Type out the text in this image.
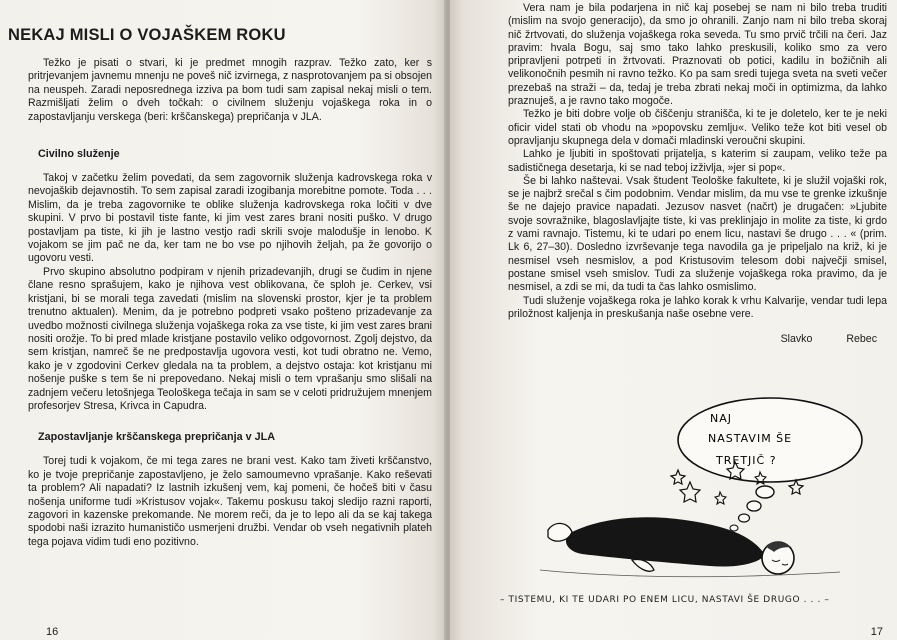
NEKAJ MISLI O VOJAŠKEM ROKU

Težko je pisati o stvari, ki je predmet mnogih razprav. Težko zato, ker s pritrjevanjem javnemu mnenju ne poveš nič izvirnega, z nasprotovanjem pa si obsojen na neuspeh. Zaradi neposrednega izziva pa bom tudi sam zapisal nekaj misli o tem. Razmišljati želim o dveh točkah: o civilnem služenju vojaškega roka in o zapostavljanju verskega (beri: krščanskega) prepričanja v JLA.

Civilno služenje

Takoj v začetku želim povedati, da sem zagovornik služenja kadrovskega roka v nevojaškib dejavnostih. To sem zapisal zaradi izogibanja morebitne pomote. Toda . . . Mislim, da je treba zagovornike te oblike služenja kadrovskega roka ločiti v dve skupini. V prvo bi postavil tiste fante, ki jim vest zares brani nositi puško. V drugo postavljam pa tiste, ki jih je lastno vestjo radi skrili svoje malodušje in lenobo. K vojakom se jim pač ne da, ker tam ne bo vse po njihovih željah, pa že govorijo o ugovoru vesti.

Prvo skupino absolutno podpiram v njenih prizadevanjih, drugi se čudim in njene člane resno sprašujem, kako je njihova vest oblikovana, če sploh je. Cerkev, vsi kristjani, bi se morali tega zavedati (mislim na slovenski prostor, kjer je ta problem trenutno aktualen). Menim, da je potrebno podpreti vsako pošteno prizadevanje za uvedbo možnosti civilnega služenja vojaškega roka za vse tiste, ki jim vest zares brani nositi orožje. To bi pred mlade kristjane postavilo veliko odgovornost. Zgolj dejstvo, da sem kristjan, namreč še ne predpostavlja ugovora vesti, kot tudi obratno ne. Vemo, kako je v zgodovini Cerkev gledala na ta problem, a dejstvo ostaja: kot kristjanu mi nošenje puške s tem še ni prepovedano. Nekaj misli o tem vprašanju smo slišali na zadnjem večeru letošnjega Teološkega tečaja in sam se v celoti pridružujem mnenjem profesorjev Stresa, Krivca in Capudra.

Zapostavljanje krščanskega prepričanja v JLA

Torej tudi k vojakom, če mi tega zares ne brani vest. Kako tam živeti krščanstvo, ko je tvoje prepričanje zapostavljeno, je želo samoumevno vprašanje. Kako reševati ta problem? Ali napadati? Iz lastnih izkušenj vem, kaj pomeni, če hočeš biti v času nošenja uniforme tudi »Kristusov vojak«. Takemu poskusu takoj sledijo razni raporti, zagovori in kazenske prekomande. Ne morem reči, da je to lepo ali da se kaj takega spodobi naši izrazito humanističo usmerjeni družbi. Vendar ob vseh negativnih plateh tega pojava vidim tudi eno pozitivno.

16

Vera nam je bila podarjena in nič kaj posebej se nam ni bilo treba truditi (mislim na svojo generacijo), da smo jo ohranili. Zanjo nam ni bilo treba skoraj nič žrtvovati, do služenja vojaškega roka seveda. Tu smo prvič trčili na čeri. Jaz pravim: hvala Bogu, saj smo tako lahko preskusili, koliko smo za vero pripravljeni potrpeti in žrtvovati. Praznovati ob potici, kadilu in božičnih ali velikonočnih pesmih ni ravno težko. Ko pa sam sredi tujega sveta na sveti večer prezebaš na straži – da, tedaj je treba zbrati nekaj moči in optimizma, da lahko praznuješ, a je ravno tako mogoče.

Težko je biti dobre volje ob čiščenju stranišča, ki te je doletelo, ker te je neki oficir videl stati ob vhodu na »popovsku zemlju«. Veliko teže kot biti vesel ob opravljanju skupnega dela v domači mladinski veroučni skupini.

Lahko je ljubiti in spoštovati prijatelja, s katerim si zaupam, veliko teže pa sadističnega desetarja, ki se nad teboj izživlja, »jer si pop«.

Še bi lahko naštevai. Vsak študent Teološke fakultete, ki je služil vojaški rok, se je najbrž srečal s čim podobnim. Vendar mislim, da mu vse te grenke izkušnje še ne dajejo pravice napadati. Jezusov nasvet (načrt) je drugačen: »Ljubite svoje sovražnike, blagoslavljajte tiste, ki vas preklinjajo in molite za tiste, ki grdo z vami ravnajo. Tistemu, ki te udari po enem licu, nastavi še drugo . . . « (prim. Lk 6, 27–30). Dosledno izvrševanje tega navodila ga je pripeljalo na križ, ki je nesmisel vseh nesmislov, a pod Kristusovim telesom dobi največji smisel, postane smisel vseh smislov. Tudi za služenje vojaškega roka pravimo, da je nesmisel, a zdi se mi, da tudi ta čas lahko osmislimo.

Tudi služenje vojaškega roka je lahko korak k vrhu Kalvarije, vendar tudi lepa priložnost kaljenja in preskušanja naše osebne vere.

Slavko	Rebec
17
NAJ
NASTAVIM ŠE
TRETJIČ ?
– TISTEMU, KI TE UDARI PO ENEM LICU, NASTAVI ŠE DRUGO . . . –
